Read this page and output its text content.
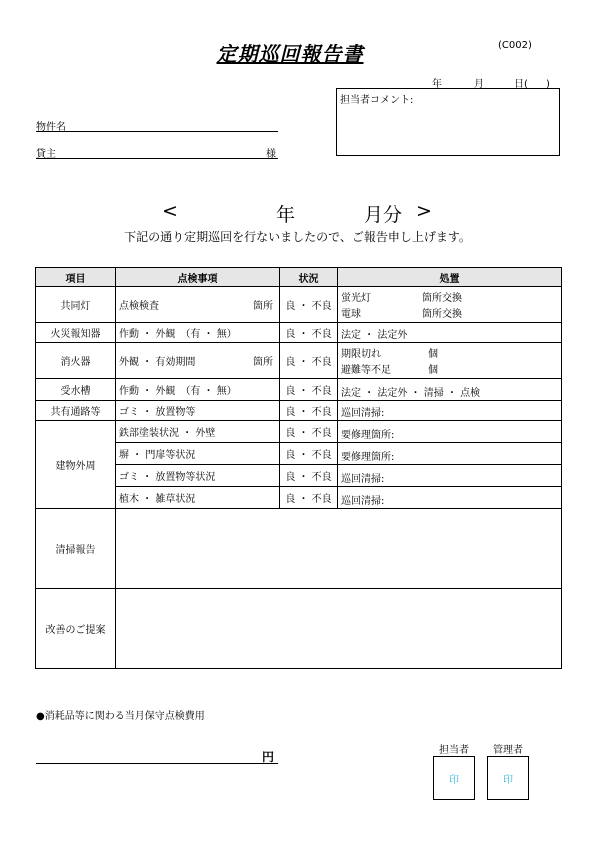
定期巡回報告書	(C002)
年	月	日( )
担当者コメント:
物件名
貸主	様
<	年	月分 >
下記の通り定期巡回を行ないましたので、ご報告申し上げます。
項目	点検事項	状況	処置
共同灯	点検検査 箇所	良 ・ 不良	蛍光灯 箇所交換
電球 箇所交換

火災報知器	作動 ・ 外観　（有 ・ 無）	良 ・ 不良	法定 ・ 法定外

消火器	外観 ・ 有効期間 箇所	良 ・ 不良	期限切れ 個
避難等不足 個

受水槽	作動 ・ 外観　（有 ・ 無）	良 ・ 不良	法定 ・ 法定外 ・ 清掃 ・ 点検

共有通路等	ゴミ ・ 放置物等	良 ・ 不良	巡回清掃:

建物外周	鉄部塗装状況 ・ 外壁	良 ・ 不良	要修理箇所:

	塀 ・ 門扉等状況	良 ・ 不良	要修理箇所:

	ゴミ ・ 放置物等状況	良 ・ 不良	巡回清掃:

	植木 ・ 雑草状況	良 ・ 不良	巡回清掃:

清掃報告			
改善のご提案			
●消耗品等に関わる当月保守点検費用
円	担当者
印
管理者
印
